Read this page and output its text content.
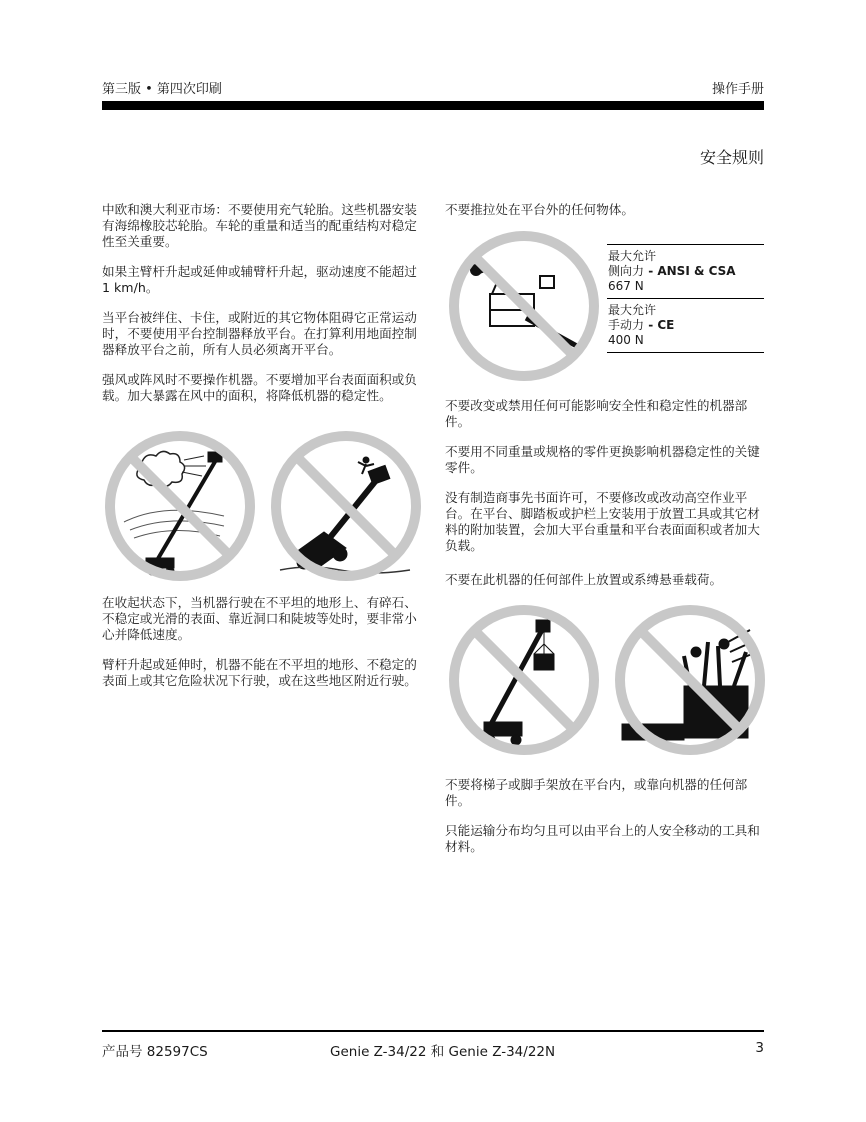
第三版 • 第四次印刷	操作手册
安全规则

中欧和澳大利亚市场：不要使用充气轮胎。这些机器安装有海绵橡胶芯轮胎。车轮的重量和适当的配重结构对稳定性至关重要。

如果主臂杆升起或延伸或辅臂杆升起，驱动速度不能超过 1 km/h。

当平台被绊住、卡住，或附近的其它物体阻碍它正常运动时，不要使用平台控制器释放平台。在打算利用地面控制器释放平台之前，所有人员必须离开平台。

强风或阵风时不要操作机器。不要增加平台表面面积或负载。加大暴露在风中的面积，将降低机器的稳定性。

在收起状态下，当机器行驶在不平坦的地形上、有碎石、不稳定或光滑的表面、靠近洞口和陡坡等处时，要非常小心并降低速度。

臂杆升起或延伸时，机器不能在不平坦的地形、不稳定的表面上或其它危险状况下行驶，或在这些地区附近行驶。

不要推拉处在平台外的任何物体。

最大允许
侧向力 - ANSI & CSA
667 N
最大允许
手动力 - CE
400 N

不要改变或禁用任何可能影响安全性和稳定性的机器部件。

不要用不同重量或规格的零件更换影响机器稳定性的关键零件。

没有制造商事先书面许可，不要修改或改动高空作业平台。在平台、脚踏板或护栏上安装用于放置工具或其它材料的附加装置，会加大平台重量和平台表面面积或者加大负载。

不要在此机器的任何部件上放置或系缚悬垂载荷。

不要将梯子或脚手架放在平台内，或靠向机器的任何部件。

只能运输分布均匀且可以由平台上的人安全移动的工具和材料。

产品号 82597CS	Genie Z-34/22 和 Genie Z-34/22N	3
